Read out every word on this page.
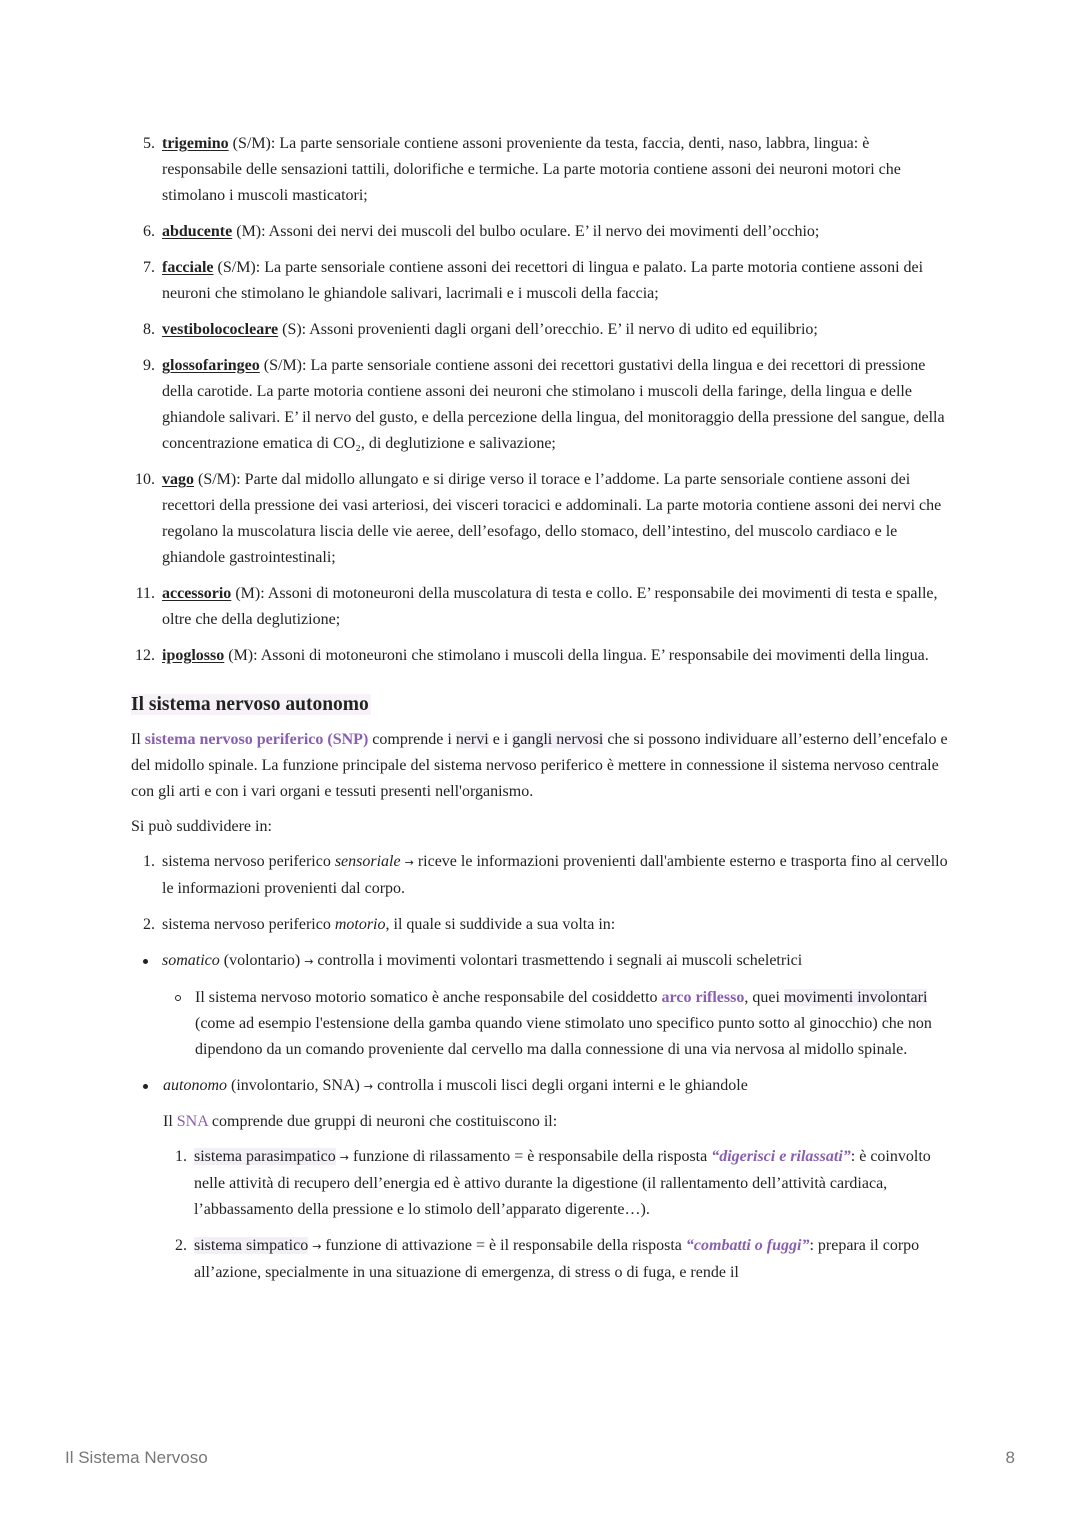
5. trigemino (S/M): La parte sensoriale contiene assoni proveniente da testa, faccia, denti, naso, labbra, lingua: è responsabile delle sensazioni tattili, dolorifiche e termiche. La parte motoria contiene assoni dei neuroni motori che stimolano i muscoli masticatori;
6. abducente (M): Assoni dei nervi dei muscoli del bulbo oculare. E’ il nervo dei movimenti dell’occhio;
7. facciale (S/M): La parte sensoriale contiene assoni dei recettori di lingua e palato. La parte motoria contiene assoni dei neuroni che stimolano le ghiandole salivari, lacrimali e i muscoli della faccia;
8. vestibolococleare (S): Assoni provenienti dagli organi dell’orecchio. E’ il nervo di udito ed equilibrio;
9. glossofaringeo (S/M): La parte sensoriale contiene assoni dei recettori gustativi della lingua e dei recettori di pressione della carotide. La parte motoria contiene assoni dei neuroni che stimolano i muscoli della faringe, della lingua e delle ghiandole salivari. E’ il nervo del gusto, e della percezione della lingua, del monitoraggio della pressione del sangue, della concentrazione ematica di CO₂, di deglutizione e salivazione;
10. vago (S/M): Parte dal midollo allungato e si dirige verso il torace e l’addome. La parte sensoriale contiene assoni dei recettori della pressione dei vasi arteriosi, dei visceri toracici e addominali. La parte motoria contiene assoni dei nervi che regolano la muscolatura liscia delle vie aeree, dell’esofago, dello stomaco, dell’intestino, del muscolo cardiaco e le ghiandole gastrointestinali;
11. accessorio (M): Assoni di motoneuroni della muscolatura di testa e collo. E’ responsabile dei movimenti di testa e spalle, oltre che della deglutizione;
12. ipoglosso (M): Assoni di motoneuroni che stimolano i muscoli della lingua. E’ responsabile dei movimenti della lingua.
Il sistema nervoso autonomo

Il sistema nervoso periferico (SNP) comprende i nervi e i gangli nervosi che si possono individuare all’esterno dell’encefalo e del midollo spinale. La funzione principale del sistema nervoso periferico è mettere in connessione il sistema nervoso centrale con gli arti e con i vari organi e tessuti presenti nell'organismo.

Si può suddividere in:

1. sistema nervoso periferico sensoriale → riceve le informazioni provenienti dall'ambiente esterno e trasporta fino al cervello le informazioni provenienti dal corpo.
2. sistema nervoso periferico motorio, il quale si suddivide a sua volta in:
somatico (volontario) → controlla i movimenti volontari trasmettendo i segnali ai muscoli scheletrici
Il sistema nervoso motorio somatico è anche responsabile del cosiddetto arco riflesso, quei movimenti involontari (come ad esempio l'estensione della gamba quando viene stimolato uno specifico punto sotto al ginocchio) che non dipendono da un comando proveniente dal cervello ma dalla connessione di una via nervosa al midollo spinale.
autonomo (involontario, SNA) → controlla i muscoli lisci degli organi interni e le ghiandole

Il SNA comprende due gruppi di neuroni che costituiscono il:

1. sistema parasimpatico → funzione di rilassamento = è responsabile della risposta “digerisci e rilassati”: è coinvolto nelle attività di recupero dell’energia ed è attivo durante la digestione (il rallentamento dell’attività cardiaca, l’abbassamento della pressione e lo stimolo dell’apparato digerente…).
2. sistema simpatico → funzione di attivazione = è il responsabile della risposta “combatti o fuggi”: prepara il corpo all’azione, specialmente in una situazione di emergenza, di stress o di fuga, e rende il
Il Sistema Nervoso	8
